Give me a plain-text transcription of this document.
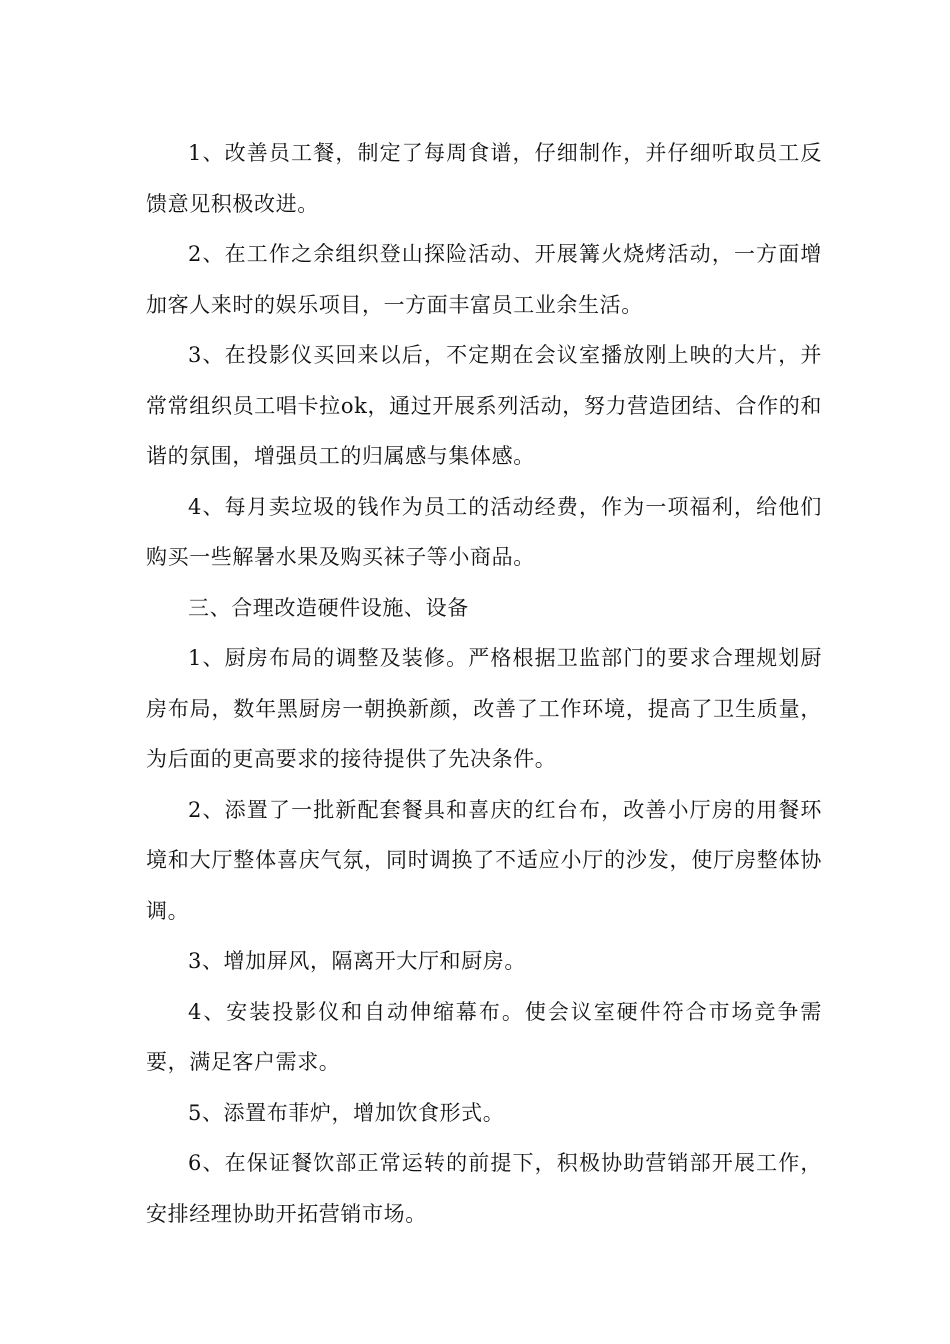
1、改善员工餐，制定了每周食谱，仔细制作，并仔细听取员工反馈意见积极改进。

2、在工作之余组织登山探险活动、开展篝火烧烤活动，一方面增加客人来时的娱乐项目，一方面丰富员工业余生活。

3、在投影仪买回来以后，不定期在会议室播放刚上映的大片，并常常组织员工唱卡拉ok，通过开展系列活动，努力营造团结、合作的和谐的氛围，增强员工的归属感与集体感。

4、每月卖垃圾的钱作为员工的活动经费，作为一项福利，给他们购买一些解暑水果及购买袜子等小商品。

三、合理改造硬件设施、设备

1、厨房布局的调整及装修。严格根据卫监部门的要求合理规划厨房布局，数年黑厨房一朝换新颜，改善了工作环境，提高了卫生质量，为后面的更高要求的接待提供了先决条件。

2、添置了一批新配套餐具和喜庆的红台布，改善小厅房的用餐环境和大厅整体喜庆气氛，同时调换了不适应小厅的沙发，使厅房整体协调。

3、增加屏风，隔离开大厅和厨房。

4、安装投影仪和自动伸缩幕布。使会议室硬件符合市场竞争需要，满足客户需求。

5、添置布菲炉，增加饮食形式。

6、在保证餐饮部正常运转的前提下，积极协助营销部开展工作，安排经理协助开拓营销市场。
